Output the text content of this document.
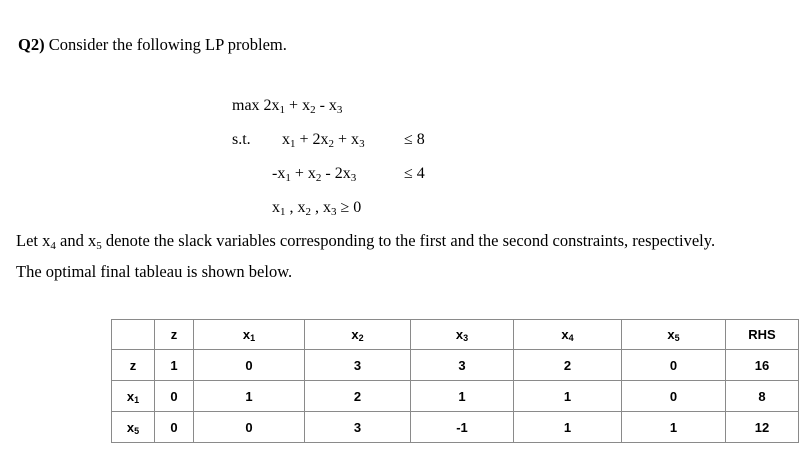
Q2) Consider the following LP problem.
max 2x1 + x2 - x3
s.t. x1 + 2x2 + x3 ≤ 8
-x1 + x2 - 2x3	≤ 4
x1 , x2 , x3 ≥ 0
Let x4 and x5 denote the slack variables corresponding to the first and the second constraints, respectively.
The optimal final tableau is shown below.
	z	x1	x2	x3	x4	x5	RHS
z	1	0	3	3	2	0	16
x1	0	1	2	1	1	0	8
x5	0	0	3	-1	1	1	12
